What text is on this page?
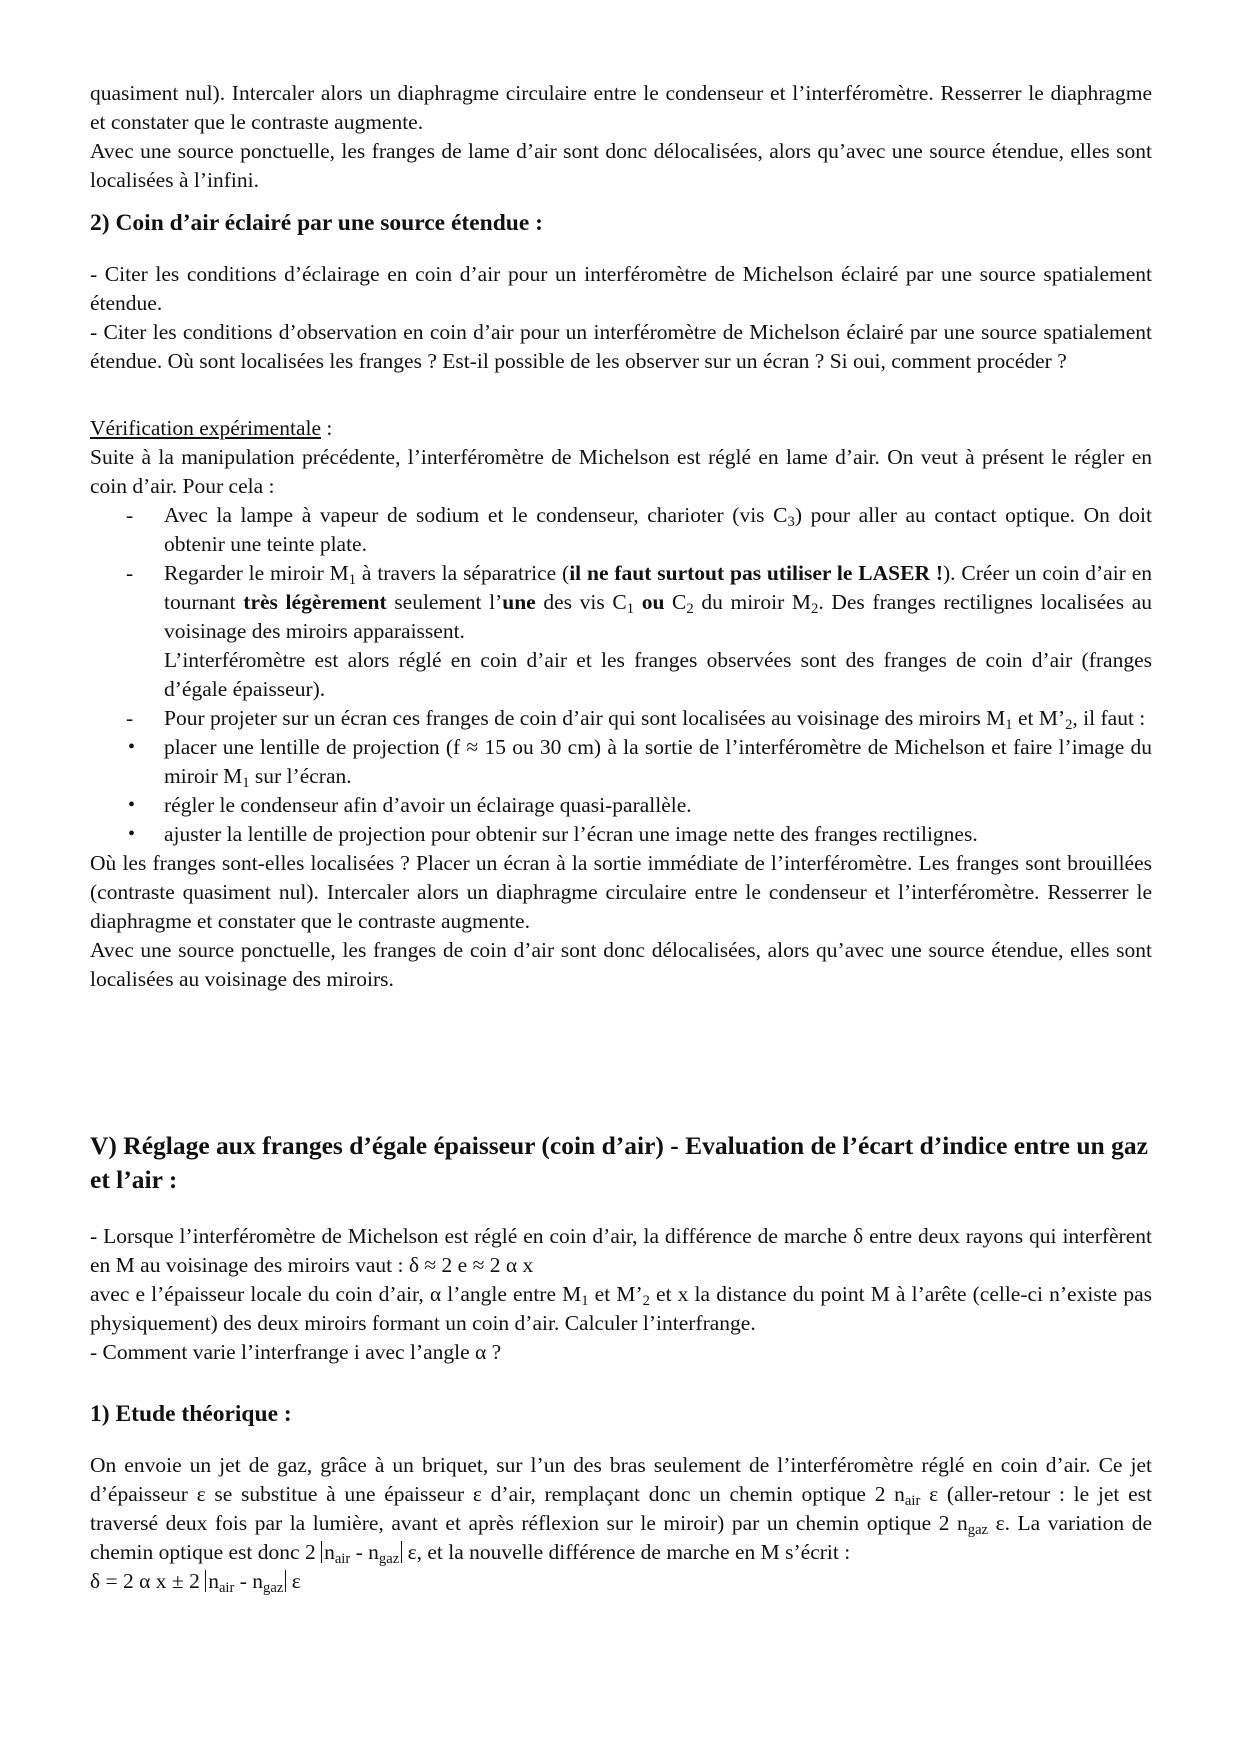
quasiment nul). Intercaler alors un diaphragme circulaire entre le condenseur et l’interféromètre. Resserrer le diaphragme et constater que le contraste augmente.

Avec une source ponctuelle, les franges de lame d’air sont donc délocalisées, alors qu’avec une source étendue, elles sont localisées à l’infini.

2) Coin d’air éclairé par une source étendue :

- Citer les conditions d’éclairage en coin d’air pour un interféromètre de Michelson éclairé par une source spatialement étendue.

- Citer les conditions d’observation en coin d’air pour un interféromètre de Michelson éclairé par une source spatialement étendue. Où sont localisées les franges ? Est-il possible de les observer sur un écran ? Si oui, comment procéder ?

Vérification expérimentale :

Suite à la manipulation précédente, l’interféromètre de Michelson est réglé en lame d’air. On veut à présent le régler en coin d’air. Pour cela :

- Avec la lampe à vapeur de sodium et le condenseur, charioter (vis $C_3$) pour aller au contact optique. On doit obtenir une teinte plate.
- Regarder le miroir $M_1$ à travers la séparatrice (il ne faut surtout pas utiliser le LASER !). Créer un coin d’air en tournant très légèrement seulement l’une des vis $C_1$ ou $C_2$ du miroir $M_2$. Des franges rectilignes localisées au voisinage des miroirs apparaissent.

L’interféromètre est alors réglé en coin d’air et les franges observées sont des franges de coin d’air (franges d’égale épaisseur).

- Pour projeter sur un écran ces franges de coin d’air qui sont localisées au voisinage des miroirs $M_1$ et $M’_2$, il faut :
• placer une lentille de projection (f ≈ 15 ou 30 cm) à la sortie de l’interféromètre de Michelson et faire l’image du miroir $M_1$ sur l’écran.
• régler le condenseur afin d’avoir un éclairage quasi-parallèle.
• ajuster la lentille de projection pour obtenir sur l’écran une image nette des franges rectilignes.

Où les franges sont-elles localisées ? Placer un écran à la sortie immédiate de l’interféromètre. Les franges sont brouillées (contraste quasiment nul). Intercaler alors un diaphragme circulaire entre le condenseur et l’interféromètre. Resserrer le diaphragme et constater que le contraste augmente.

Avec une source ponctuelle, les franges de coin d’air sont donc délocalisées, alors qu’avec une source étendue, elles sont localisées au voisinage des miroirs.

V) Réglage aux franges d’égale épaisseur (coin d’air) - Evaluation de l’écart d’indice entre un gaz et l’air :

- Lorsque l’interféromètre de Michelson est réglé en coin d’air, la différence de marche δ entre deux rayons qui interfèrent en M au voisinage des miroirs vaut : δ ≈ 2 e ≈ 2 α x

avec e l’épaisseur locale du coin d’air, α l’angle entre $M_1$ et $M’_2$ et x la distance du point M à l’arête (celle-ci n’existe pas physiquement) des deux miroirs formant un coin d’air. Calculer l’interfrange.

- Comment varie l’interfrange i avec l’angle α ?

1) Etude théorique :

On envoie un jet de gaz, grâce à un briquet, sur l’un des bras seulement de l’interféromètre réglé en coin d’air. Ce jet d’épaisseur ε se substitue à une épaisseur ε d’air, remplaçant donc un chemin optique 2 $n_{air}$ ε (aller-retour : le jet est traversé deux fois par la lumière, avant et après réflexion sur le miroir) par un chemin optique 2 $n_{gaz}$ ε. La variation de chemin optique est donc 2 $n_{air} - n_{gaz}$ ε, et la nouvelle différence de marche en M s’écrit :

δ = 2 α x ± 2 $n_{air} - n_{gaz}$ ε
